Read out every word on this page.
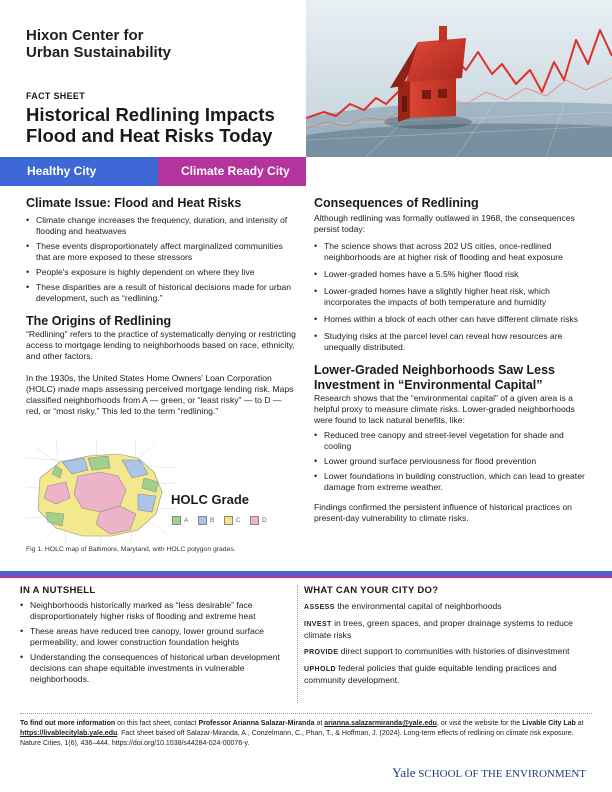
Hixon Center for
Urban Sustainability
FACT SHEET
Historical Redlining Impacts
Flood and Heat Risks Today
Healthy City	Climate Ready City
Climate Issue: Flood and Heat Risks
• Climate change increases the frequency, duration, and intensity of flooding and heatwaves
• These events disproportionately affect marginalized communities that are more exposed to these stressors
• People's exposure is highly dependent on where they live
• These disparities are a result of historical decisions made for urban development, such as “redlining.”
The Origins of Redlining

“Redlining” refers to the practice of systematically denying or restricting access to mortgage lending to neighborhoods based on race, ethnicity, and other factors.

In the 1930s, the United States Home Owners' Loan Corporation (HOLC) made maps assessing perceived mortgage lending risk. Maps classified neighborhoods from A — green, or “least risky” — to D — red, or “most risky.” This led to the term “redlining.”

HOLC Grade
A	B	C	D
Fig 1. HOLC map of Baltimore, Maryland, with HOLC polygon grades.
Consequences of Redlining

Although redlining was formally outlawed in 1968, the consequences persist today:

• The science shows that across 202 US cities, once-redlined neighborhoods are at higher risk of flooding and heat exposure
• Lower-graded homes have a 5.5% higher flood risk
• Lower-graded homes have a slightly higher heat risk, which incorporates the impacts of both temperature and humidity
• Homes within a block of each other can have different climate risks
• Studying risks at the parcel level can reveal how resources are unequally distributed.
Lower-Graded Neighborhoods Saw Less
Investment in “Environmental Capital”

Research shows that the “environmental capital” of a given area is a helpful proxy to measure climate risks. Lower-graded neighborhoods were found to lack natural benefits, like:

• Reduced tree canopy and street-level vegetation for shade and cooling
• Lower ground surface perviousness for flood prevention
• Lower foundations in building construction, which can lead to greater damage from extreme weather.

Findings confirmed the persistent influence of historical practices on present-day vulnerability to climate risks.

IN A NUTSHELL
• Neighborhoods historically marked as “less desirable” face disproportionately higher risks of flooding and extreme heat
• These areas have reduced tree canopy, lower ground surface permeability, and lower construction foundation heights
• Understanding the consequences of historical urban development decisions can shape equitable investments in vulnerable neighborhoods.
WHAT CAN YOUR CITY DO?

ASSESS the environmental capital of neighborhoods

INVEST in trees, green spaces, and proper drainage systems to reduce climate risks

PROVIDE direct support to communities with histories of disinvestment

UPHOLD federal policies that guide equitable lending practices and community development.

To find out more information on this fact sheet, contact Professor Arianna Salazar-Miranda at arianna.salazarmiranda@yale.edu, or visit the website for the Livable City Lab at https://livablecitylab.yale.edu. Fact sheet based off Salazar-Miranda, A., Conzelmann, C., Phan, T., & Hoffman, J. (2024). Long-term effects of redlining on climate risk exposure. Nature Cities, 1(6), 436–444. https://doi.org/10.1038/s44284-024-00076-y.
Yale SCHOOL OF THE ENVIRONMENT
